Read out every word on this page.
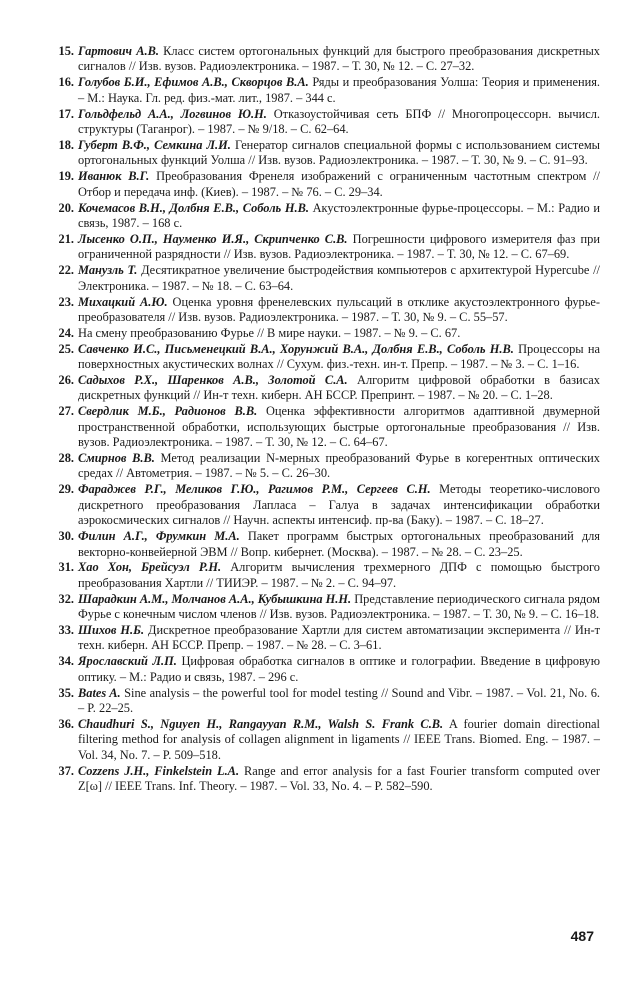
15. Гартович А.В. Класс систем ортогональных функций для быстрого преобразования дискретных сигналов // Изв. вузов. Радиоэлектроника. – 1987. – Т. 30, № 12. – С. 27–32.
16. Голубов Б.И., Ефимов А.В., Скворцов В.А. Ряды и преобразования Уолша: Теория и применения. – М.: Наука. Гл. ред. физ.-мат. лит., 1987. – 344 с.
17. Гольдфельд А.А., Логвинов Ю.Н. Отказоустойчивая сеть БПФ // Многопроцессорн. вычисл. структуры (Таганрог). – 1987. – № 9/18. – С. 62–64.
18. Губерт В.Ф., Семкина Л.И. Генератор сигналов специальной формы с использованием системы ортогональных функций Уолша // Изв. вузов. Радиоэлектроника. – 1987. – Т. 30, № 9. – С. 91–93.
19. Иванюк В.Г. Преобразования Френеля изображений с ограниченным частотным спектром // Отбор и передача инф. (Киев). – 1987. – № 76. – С. 29–34.
20. Кочемасов В.Н., Долбня Е.В., Соболь Н.В. Акустоэлектронные фурье-процессоры. – М.: Радио и связь, 1987. – 168 с.
21. Лысенко О.П., Науменко И.Я., Скрипченко С.В. Погрешности цифрового измерителя фаз при ограниченной разрядности // Изв. вузов. Радиоэлектроника. – 1987. – Т. 30, № 12. – С. 67–69.
22. Манузль Т. Десятикратное увеличение быстродействия компьютеров с архитектурой Hypercube // Электроника. – 1987. – № 18. – С. 63–64.
23. Михацкий А.Ю. Оценка уровня френелевских пульсаций в отклике акустоэлектронного фурье-преобразователя // Изв. вузов. Радиоэлектроника. – 1987. – Т. 30, № 9. – С. 55–57.
24. На смену преобразованию Фурье // В мире науки. – 1987. – № 9. – С. 67.
25. Савченко И.С., Письменецкий В.А., Хорунжий В.А., Долбня Е.В., Соболь Н.В. Процессоры на поверхностных акустических волнах // Сухум. физ.-техн. ин-т. Препр. – 1987. – № 3. – С. 1–16.
26. Садыхов Р.Х., Шаренков А.В., Золотой С.А. Алгоритм цифровой обработки в базисах дискретных функций // Ин-т техн. киберн. АН БССР. Препринт. – 1987. – № 20. – С. 1–28.
27. Свердлик М.Б., Радионов В.В. Оценка эффективности алгоритмов адаптивной двумерной пространственной обработки, использующих быстрые ортогональные преобразования // Изв. вузов. Радиоэлектроника. – 1987. – Т. 30, № 12. – С. 64–67.
28. Смирнов В.В. Метод реализации N-мерных преобразований Фурье в когерентных оптических средах // Автометрия. – 1987. – № 5. – С. 26–30.
29. Фараджев Р.Г., Меликов Г.Ю., Рагимов Р.М., Сергеев С.Н. Методы теоретико-числового дискретного преобразования Лапласа – Галуа в задачах интенсификации обработки аэрокосмических сигналов // Научн. аспекты интенсиф. пр-ва (Баку). – 1987. – С. 18–27.
30. Филин А.Г., Фрумкин М.А. Пакет программ быстрых ортогональных преобразований для векторно-конвейерной ЭВМ // Вопр. кибернет. (Москва). – 1987. – № 28. – С. 23–25.
31. Хао Хон, Брейсуэл Р.Н. Алгоритм вычисления трехмерного ДПФ с помощью быстрого преобразования Хартли // ТИИЭР. – 1987. – № 2. – С. 94–97.
32. Шарадкин А.М., Молчанов А.А., Кубышкина Н.Н. Представление периодического сигнала рядом Фурье с конечным числом членов // Изв. вузов. Радиоэлектроника. – 1987. – Т. 30, № 9. – С. 16–18.
33. Шихов Н.Б. Дискретное преобразование Хартли для систем автоматизации эксперимента // Ин-т техн. киберн. АН БССР. Препр. – 1987. – № 28. – С. 3–61.
34. Ярославский Л.П. Цифровая обработка сигналов в оптике и голографии. Введение в цифровую оптику. – М.: Радио и связь, 1987. – 296 с.
35. Bates A. Sine analysis – the powerful tool for model testing // Sound and Vibr. – 1987. – Vol. 21, No. 6. – P. 22–25.
36. Chaudhuri S., Nguyen H., Rangayyan R.M., Walsh S. Frank C.B. A fourier domain directional filtering method for analysis of collagen alignment in ligaments // IEEE Trans. Biomed. Eng. – 1987. – Vol. 34, No. 7. – P. 509–518.
37. Cozzens J.H., Finkelstein L.A. Range and error analysis for a fast Fourier transform computed over Z[ω] // IEEE Trans. Inf. Theory. – 1987. – Vol. 33, No. 4. – P. 582–590.
487
